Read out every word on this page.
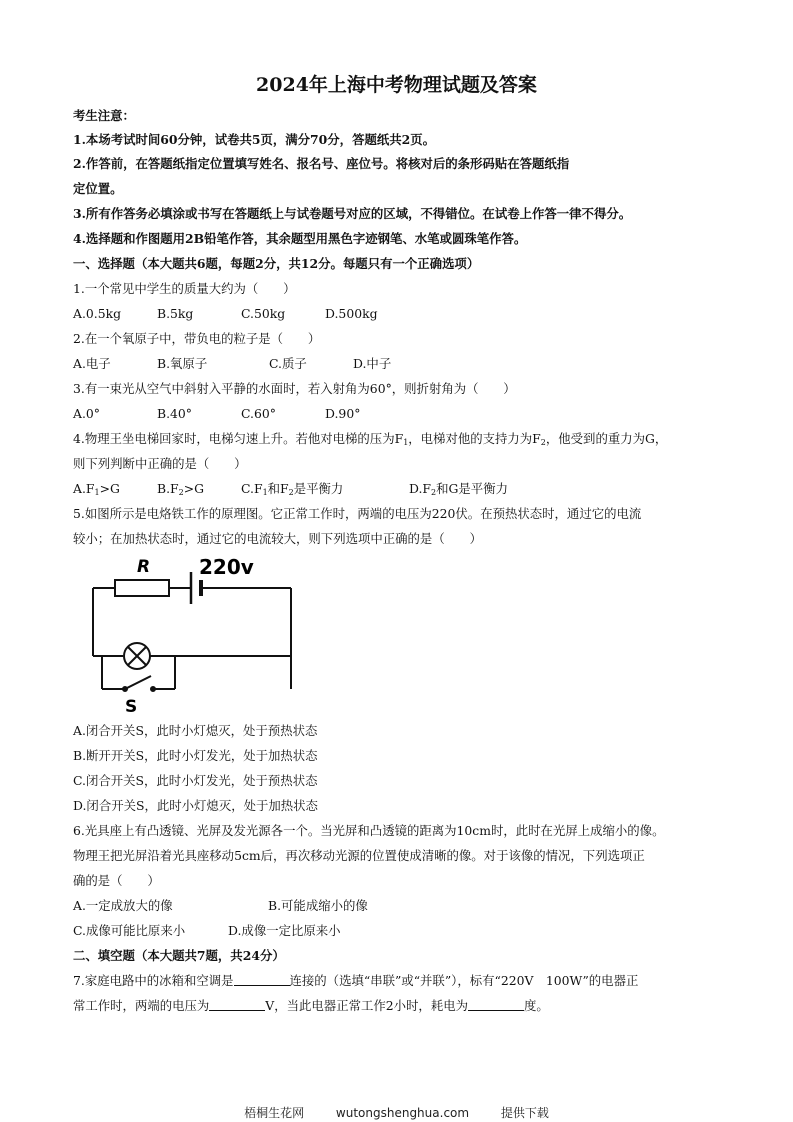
2024年上海中考物理试题及答案
考生注意：
1.本场考试时间60分钟，试卷共5页，满分70分，答题纸共2页。
2.作答前，在答题纸指定位置填写姓名、报名号、座位号。将核对后的条形码贴在答题纸指
定位置。
3.所有作答务必填涂或书写在答题纸上与试卷题号对应的区域，不得错位。在试卷上作答一律不得分。
4.选择题和作图题用2B铅笔作答，其余题型用黑色字迹钢笔、水笔或圆珠笔作答。
一、选择题（本大题共6题，每题2分，共12分。每题只有一个正确选项）
1.一个常见中学生的质量大约为（　　）
A.0.5kg	B.5kg	C.50kg	D.500kg
2.在一个氧原子中，带负电的粒子是（　　）
A.电子	B.氧原子	C.质子	D.中子
3.有一束光从空气中斜射入平静的水面时，若入射角为60°，则折射角为（　　）
A.0°	B.40°	C.60°	D.90°
4.物理王坐电梯回家时，电梯匀速上升。若他对电梯的压为$F_1$，电梯对他的支持力为$F_2$，他受到的重力为G，
则下列判断中正确的是（　　）
$A.F_1>G$	$B.F_2>G$	$C.F_1$和$F_2$是平衡力	$D.F_2$和G是平衡力
5.如图所示是电烙铁工作的原理图。它正常工作时，两端的电压为220伏。在预热状态时，通过它的电流
较小；在加热状态时，通过它的电流较大，则下列选项中正确的是（　　）
R 220v
S
A.闭合开关S，此时小灯熄灭，处于预热状态
B.断开开关S，此时小灯发光，处于加热状态
C.闭合开关S，此时小灯发光，处于预热状态
D.闭合开关S，此时小灯熄灭，处于加热状态
6.光具座上有凸透镜、光屏及发光源各一个。当光屏和凸透镜的距离为10cm时，此时在光屏上成缩小的像。
物理王把光屏沿着光具座移动5cm后，再次移动光源的位置使成清晰的像。对于该像的情况，下列选项正
确的是（　　）
A.一定成放大的像	B.可能成缩小的像
C.成像可能比原来小	D.成像一定比原来小
二、填空题（本大题共7题，共24分）
7.家庭电路中的冰箱和空调是	连接的（选填“串联”或“并联”），标有“220V　100W”的电器正
常工作时，两端的电压为	V，当此电器正常工作2小时，耗电为	度。
梧桐生花网	wutongshenghua.com	提供下载
